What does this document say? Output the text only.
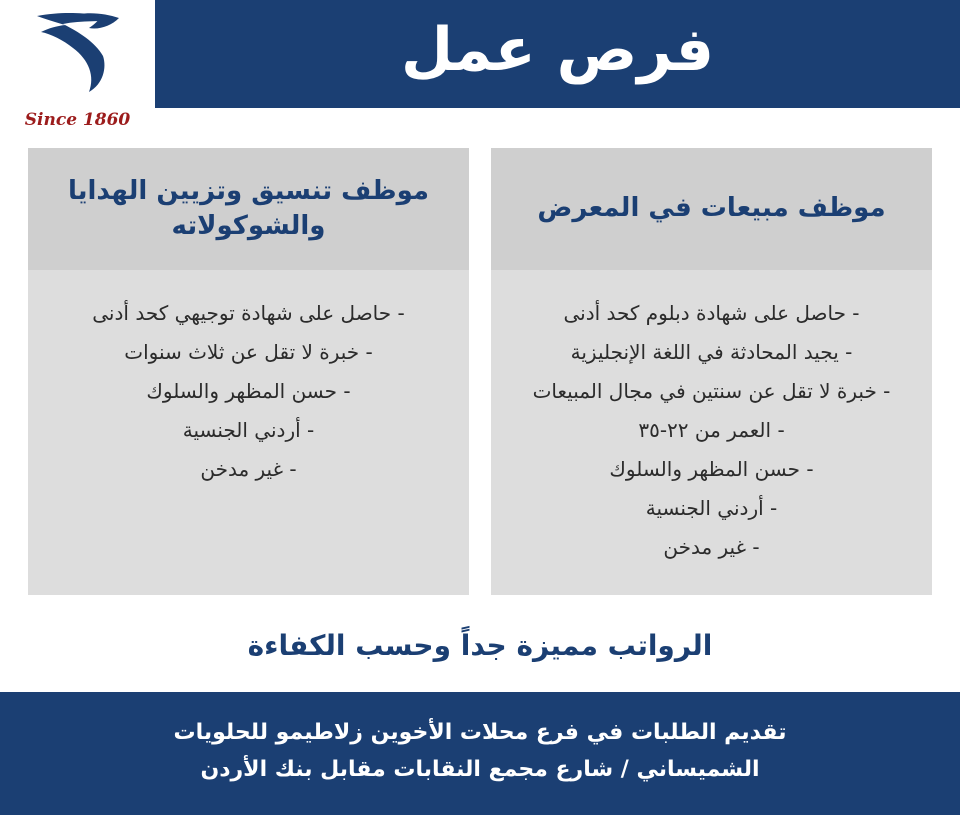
فرص عمل
Since 1860
موظف تنسيق وتزيين الهدايا والشوكولاته
- حاصل على شهادة توجيهي كحد أدنى
- خبرة لا تقل عن ثلاث سنوات
- حسن المظهر والسلوك
- أردني الجنسية
- غير مدخن
موظف مبيعات في المعرض
- حاصل على شهادة دبلوم كحد أدنى
- يجيد المحادثة في اللغة الإنجليزية
- خبرة لا تقل عن سنتين في مجال المبيعات
- العمر من ٢٢-٣٥
- حسن المظهر والسلوك
- أردني الجنسية
- غير مدخن
الرواتب مميزة جداً وحسب الكفاءة
تقديم الطلبات في فرع محلات الأخوين زلاطيمو للحلويات
الشميساني / شارع مجمع النقابات مقابل بنك الأردن
